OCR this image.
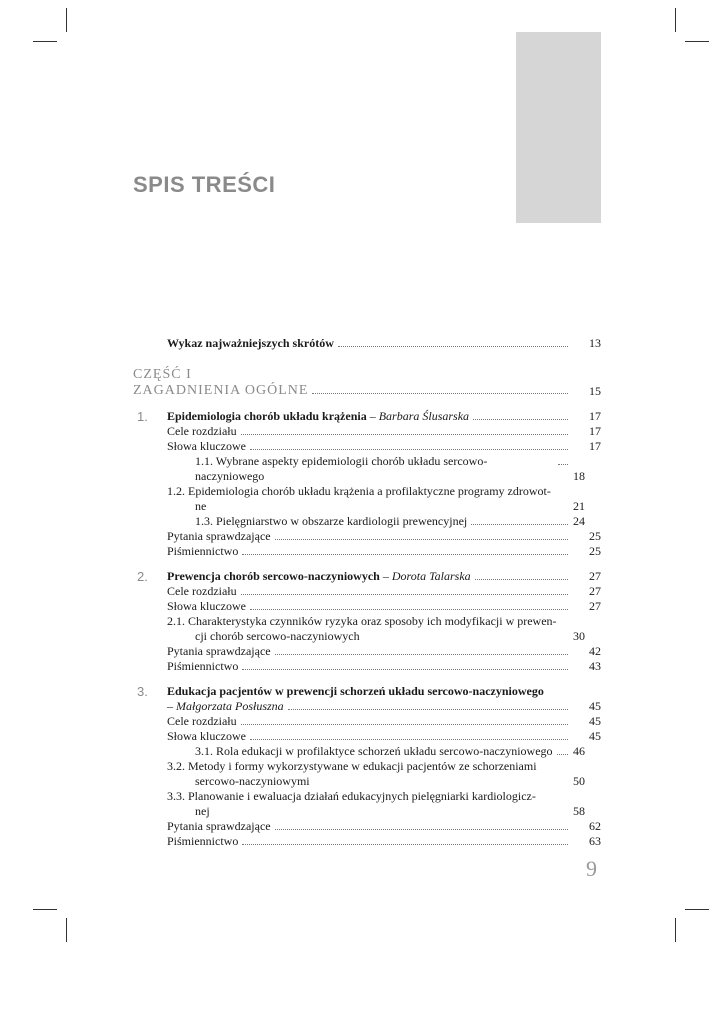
SPIS TREŚCI
Wykaz najważniejszych skrótów	13
CZĘŚĆ I
ZAGADNIENIA OGÓLNE	15
1. Epidemiologia chorób układu krążenia – Barbara Ślusarska	17
Cele rozdziału	17
Słowa kluczowe	17
1.1. Wybrane aspekty epidemiologii chorób układu sercowo-naczyniowego	18
1.2. Epidemiologia chorób układu krążenia a profilaktyczne programy zdrowot-
ne	21
1.3. Pielęgniarstwo w obszarze kardiologii prewencyjnej	24
Pytania sprawdzające	25
Piśmiennictwo	25
2. Prewencja chorób sercowo-naczyniowych – Dorota Talarska	27
Cele rozdziału	27
Słowa kluczowe	27
2.1. Charakterystyka czynników ryzyka oraz sposoby ich modyfikacji w prewen-
cji chorób sercowo-naczyniowych	30
Pytania sprawdzające	42
Piśmiennictwo	43
3. Edukacja pacjentów w prewencji schorzeń układu sercowo-naczyniowego
– Małgorzata Posłuszna	45
Cele rozdziału	45
Słowa kluczowe	45
3.1. Rola edukacji w profilaktyce schorzeń układu sercowo-naczyniowego 46
3.2. Metody i formy wykorzystywane w edukacji pacjentów ze schorzeniami
sercowo-naczyniowymi	50
3.3. Planowanie i ewaluacja działań edukacyjnych pielęgniarki kardiologicz-
nej	58
Pytania sprawdzające	62
Piśmiennictwo	63
9
